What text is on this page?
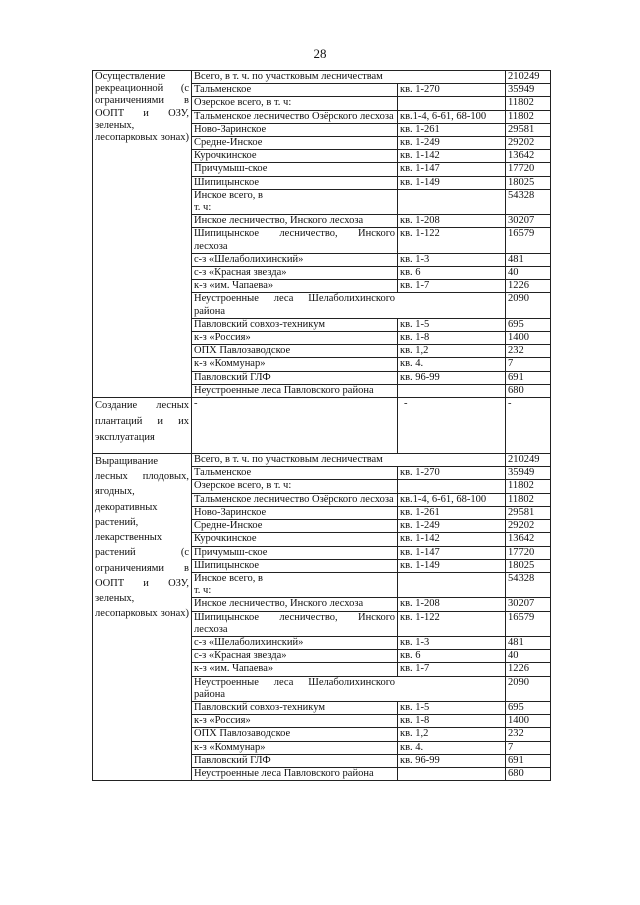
28
Осуществление рекреационной (с ограничениями в ООПТ и ОЗУ, зеленых, лесопарковых зонах)	Всего, в т. ч. по участковым лесничествам		210249
	Тальменское	кв. 1-270	35949
	Озерское всего, в т. ч:		11802
	Тальменское лесничество Озёрского лесхоза	кв.1-4, 6-61, 68-100	11802
	Ново-Заринское	кв. 1-261	29581
	Средне-Инское	кв. 1-249	29202
	Курочкинское	кв. 1-142	13642
	Причумыш-ское	кв. 1-147	17720
	Шипицынское	кв. 1-149	18025
	Инское всего, в т. ч:		54328
	Инское лесничество, Инского лесхоза	кв. 1-208	30207
	Шипицынское лесничество, Инского лесхоза	кв. 1-122	16579
	с-з «Шелаболихинский»	кв. 1-3	481
	с-з «Красная звезда»	кв. 6	40
	к-з «им. Чапаева»	кв. 1-7	1226
	Неустроенные леса Шелаболихинского района		2090
	Павловский совхоз-техникум	кв. 1-5	695
	к-з «Россия»	кв. 1-8	1400
	ОПХ Павлозаводское	кв. 1,2	232
	к-з «Коммунар»	кв. 4.	7
	Павловский ГЛФ	кв. 96-99	691
	Неустроенные леса Павловского района		680
Создание лесных плантаций и их эксплуатация	-	-	-
Выращивание лесных плодовых, ягодных, декоративных растений, лекарственных растений (с ограничениями в ООПТ и ОЗУ, зеленых, лесопарковых зонах)	Всего, в т. ч. по участковым лесничествам		210249
	Тальменское	кв. 1-270	35949
	Озерское всего, в т. ч:		11802
	Тальменское лесничество Озёрского лесхоза	кв.1-4, 6-61, 68-100	11802
	Ново-Заринское	кв. 1-261	29581
	Средне-Инское	кв. 1-249	29202
	Курочкинское	кв. 1-142	13642
	Причумыш-ское	кв. 1-147	17720
	Шипицынское	кв. 1-149	18025
	Инское всего, в т. ч:		54328
	Инское лесничество, Инского лесхоза	кв. 1-208	30207
	Шипицынское лесничество, Инского лесхоза	кв. 1-122	16579
	с-з «Шелаболихинский»	кв. 1-3	481
	с-з «Красная звезда»	кв. 6	40
	к-з «им. Чапаева»	кв. 1-7	1226
	Неустроенные леса Шелаболихинского района		2090
	Павловский совхоз-техникум	кв. 1-5	695
	к-з «Россия»	кв. 1-8	1400
	ОПХ Павлозаводское	кв. 1,2	232
	к-з «Коммунар»	кв. 4.	7
	Павловский ГЛФ	кв. 96-99	691
	Неустроенные леса Павловского района		680
